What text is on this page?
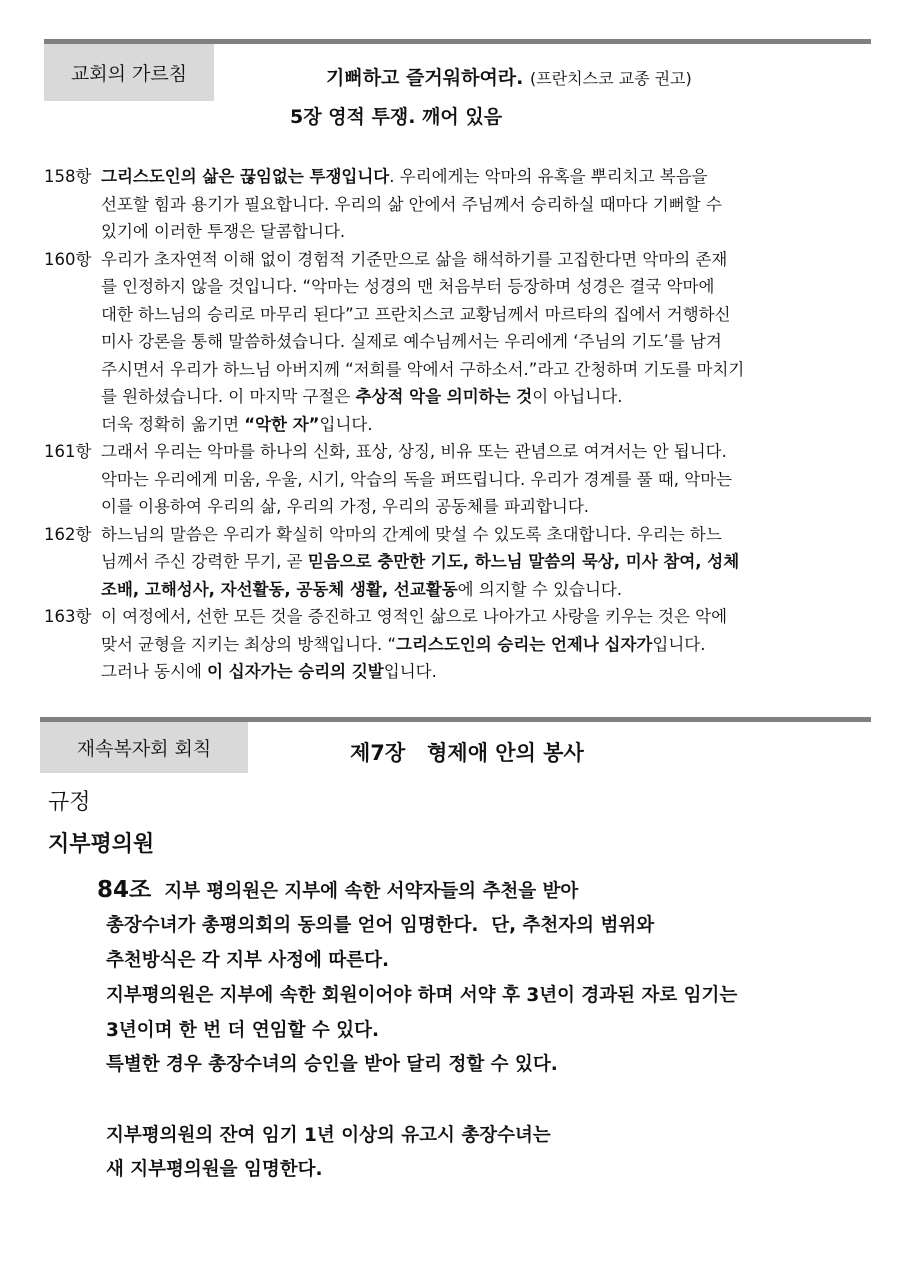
교회의 가르침	기뻐하고 즐거워하여라. (프란치스코 교종 권고)
5장 영적 투쟁. 깨어 있음
158항 그리스도인의 삶은 끊임없는 투쟁입니다. 우리에게는 악마의 유혹을 뿌리치고 복음을
선포할 힘과 용기가 필요합니다. 우리의 삶 안에서 주님께서 승리하실 때마다 기뻐할 수
있기에 이러한 투쟁은 달콤합니다.
160항 우리가 초자연적 이해 없이 경험적 기준만으로 삶을 해석하기를 고집한다면 악마의 존재
를 인정하지 않을 것입니다. “악마는 성경의 맨 처음부터 등장하며 성경은 결국 악마에
대한 하느님의 승리로 마무리 된다”고 프란치스코 교황님께서 마르타의 집에서 거행하신
미사 강론을 통해 말씀하셨습니다. 실제로 예수님께서는 우리에게 ‘주님의 기도’를 남겨
주시면서 우리가 하느님 아버지께 “저희를 악에서 구하소서.”라고 간청하며 기도를 마치기
를 원하셨습니다. 이 마지막 구절은 추상적 악을 의미하는 것이 아닙니다.
더욱 정확히 옮기면 “악한 자”입니다.
161항 그래서 우리는 악마를 하나의 신화, 표상, 상징, 비유 또는 관념으로 여겨서는 안 됩니다.
악마는 우리에게 미움, 우울, 시기, 악습의 독을 퍼뜨립니다. 우리가 경계를 풀 때, 악마는
이를 이용하여 우리의 삶, 우리의 가정, 우리의 공동체를 파괴합니다.
162항 하느님의 말씀은 우리가 확실히 악마의 간계에 맞설 수 있도록 초대합니다. 우리는 하느
님께서 주신 강력한 무기, 곧 믿음으로 충만한 기도, 하느님 말씀의 묵상, 미사 참여, 성체
조배, 고해성사, 자선활동, 공동체 생활, 선교활동에 의지할 수 있습니다.
163항 이 여정에서, 선한 모든 것을 증진하고 영적인 삶으로 나아가고 사랑을 키우는 것은 악에
맞서 균형을 지키는 최상의 방책입니다. “그리스도인의 승리는 언제나 십자가입니다.
그러나 동시에 이 십자가는 승리의 깃발입니다.
재속복자회 회칙	제7장   형제애 안의 봉사
규정
지부평의원
84조 지부 평의원은 지부에 속한 서약자들의 추천을 받아
총장수녀가 총평의회의 동의를 얻어 임명한다.  단, 추천자의 범위와
추천방식은 각 지부 사정에 따른다.
지부평의원은 지부에 속한 회원이어야 하며 서약 후 3년이 경과된 자로 임기는
3년이며 한 번 더 연임할 수 있다.
특별한 경우 총장수녀의 승인을 받아 달리 정할 수 있다.
지부평의원의 잔여 임기 1년 이상의 유고시 총장수녀는
새 지부평의원을 임명한다.
